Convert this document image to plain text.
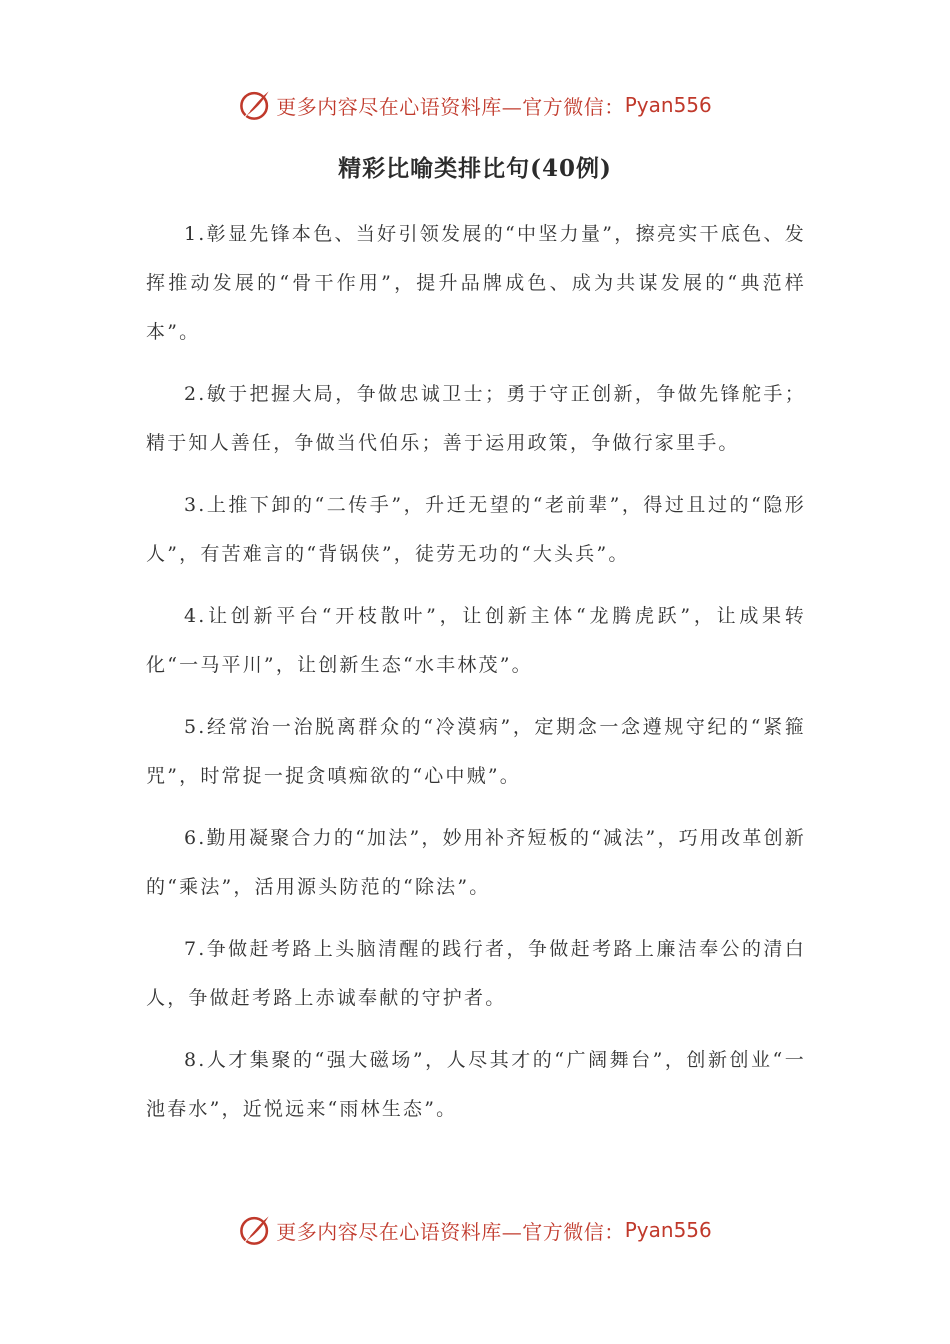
更多内容尽在心语资料库—官方微信： Pyan556
精彩比喻类排比句(40例)

1.彰显先锋本色、当好引领发展的“中坚力量”，擦亮实干底色、发挥推动发展的“骨干作用”，提升品牌成色、成为共谋发展的“典范样本”。

2.敏于把握大局，争做忠诚卫士；勇于守正创新，争做先锋舵手；精于知人善任，争做当代伯乐；善于运用政策，争做行家里手。

3.上推下卸的“二传手”，升迁无望的“老前辈”，得过且过的“隐形人”，有苦难言的“背锅侠”，徒劳无功的“大头兵”。

4.让创新平台“开枝散叶”，让创新主体“龙腾虎跃”，让成果转化“一马平川”，让创新生态“水丰林茂”。

5.经常治一治脱离群众的“冷漠病”，定期念一念遵规守纪的“紧箍咒”，时常捉一捉贪嗔痴欲的“心中贼”。

6.勤用凝聚合力的“加法”，妙用补齐短板的“减法”，巧用改革创新的“乘法”，活用源头防范的“除法”。

7.争做赶考路上头脑清醒的践行者，争做赶考路上廉洁奉公的清白人，争做赶考路上赤诚奉献的守护者。

8.人才集聚的“强大磁场”，人尽其才的“广阔舞台”，创新创业“一池春水”，近悦远来“雨林生态”。

更多内容尽在心语资料库—官方微信： Pyan556
